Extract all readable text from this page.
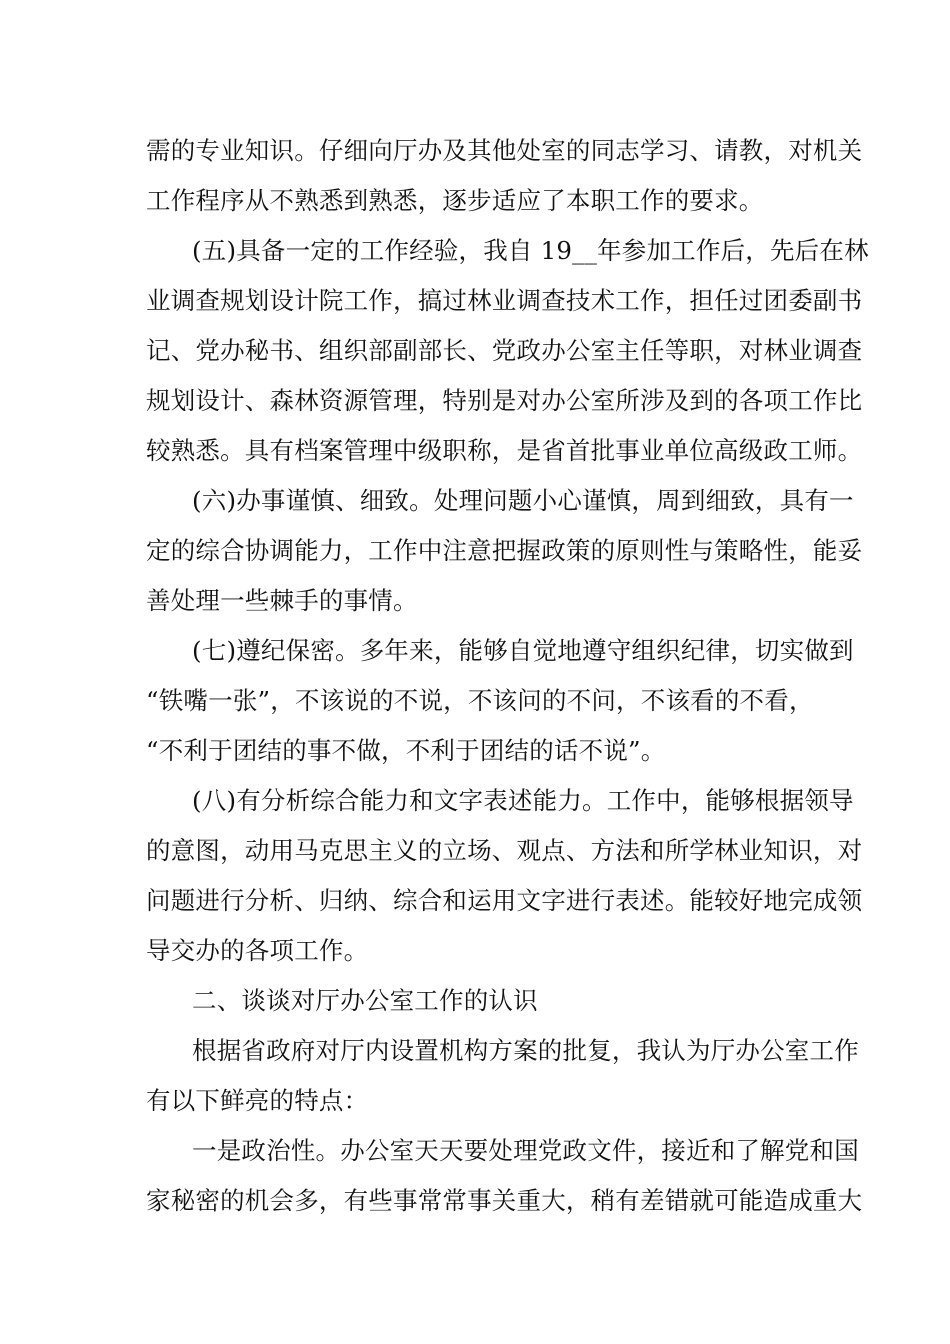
需的专业知识。仔细向厅办及其他处室的同志学习、请教，对机关
工作程序从不熟悉到熟悉，逐步适应了本职工作的要求。
(五)具备一定的工作经验，我自 19__年参加工作后，先后在林
业调查规划设计院工作，搞过林业调查技术工作，担任过团委副书
记、党办秘书、组织部副部长、党政办公室主任等职，对林业调查
规划设计、森林资源管理，特别是对办公室所涉及到的各项工作比
较熟悉。具有档案管理中级职称，是省首批事业单位高级政工师。
(六)办事谨慎、细致。处理问题小心谨慎，周到细致，具有一
定的综合协调能力，工作中注意把握政策的原则性与策略性，能妥
善处理一些棘手的事情。
(七)遵纪保密。多年来，能够自觉地遵守组织纪律，切实做到
“铁嘴一张”，不该说的不说，不该问的不问，不该看的不看，
“不利于团结的事不做，不利于团结的话不说”。
(八)有分析综合能力和文字表述能力。工作中，能够根据领导
的意图，动用马克思主义的立场、观点、方法和所学林业知识，对
问题进行分析、归纳、综合和运用文字进行表述。能较好地完成领
导交办的各项工作。
二、谈谈对厅办公室工作的认识
根据省政府对厅内设置机构方案的批复，我认为厅办公室工作
有以下鲜亮的特点：
一是政治性。办公室天天要处理党政文件，接近和了解党和国
家秘密的机会多，有些事常常事关重大，稍有差错就可能造成重大
